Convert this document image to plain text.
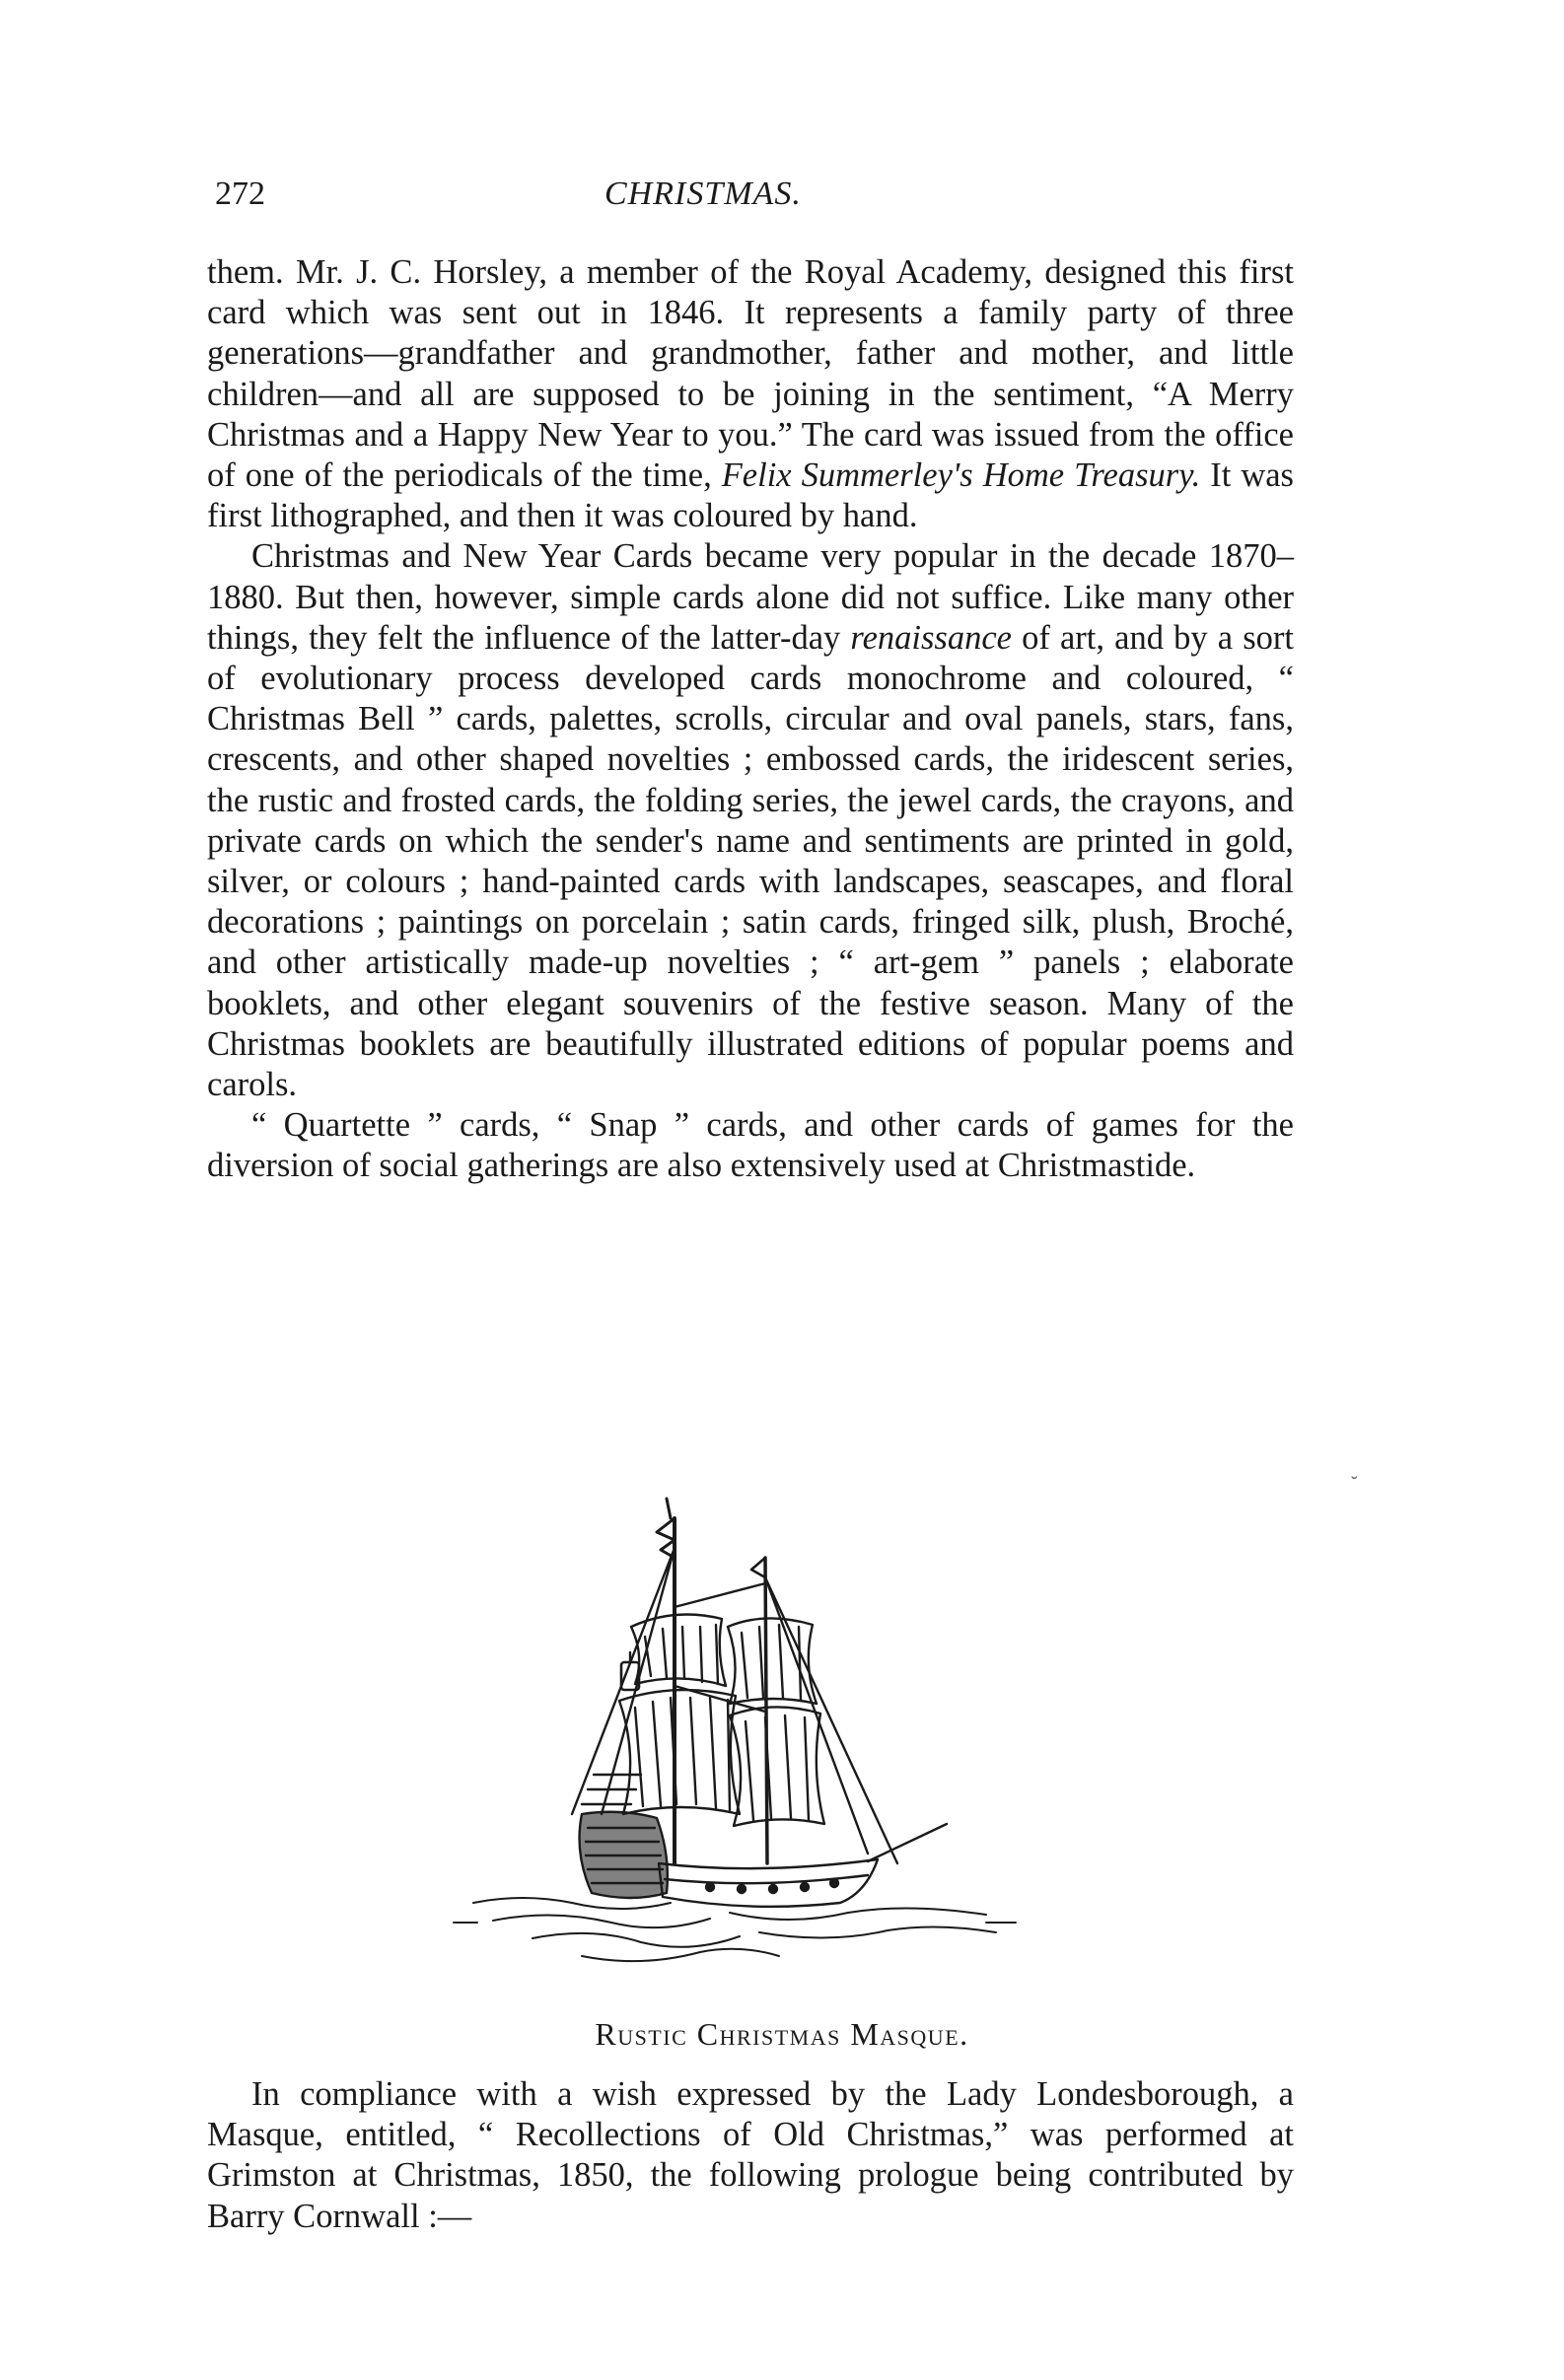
272	CHRISTMAS.

them. Mr. J. C. Horsley, a member of the Royal Academy, designed this first card which was sent out in 1846. It represents a family party of three generations—grandfather and grandmother, father and mother, and little children—and all are supposed to be joining in the sentiment, “A Merry Christmas and a Happy New Year to you.” The card was issued from the office of one of the periodicals of the time, Felix Summerley's Home Treasury. It was first lithographed, and then it was coloured by hand.

Christmas and New Year Cards became very popular in the decade 1870–1880. But then, however, simple cards alone did not suffice. Like many other things, they felt the influence of the latter-day renaissance of art, and by a sort of evolutionary process developed cards monochrome and coloured, “ Christmas Bell ” cards, palettes, scrolls, circular and oval panels, stars, fans, crescents, and other shaped novelties ; embossed cards, the iridescent series, the rustic and frosted cards, the folding series, the jewel cards, the crayons, and private cards on which the sender's name and sentiments are printed in gold, silver, or colours ; hand-painted cards with landscapes, seascapes, and floral decorations ; paintings on porcelain ; satin cards, fringed silk, plush, Broché, and other artistically made-up novelties ; “ art-gem ” panels ; elaborate booklets, and other elegant souvenirs of the festive season. Many of the Christmas booklets are beautifully illustrated editions of popular poems and carols.

“ Quartette ” cards, “ Snap ” cards, and other cards of games for the diversion of social gatherings are also extensively used at Christmastide.

˘
Rustic Christmas Masque.

In compliance with a wish expressed by the Lady Londesborough, a Masque, entitled, “ Recollections of Old Christmas,” was performed at Grimston at Christmas, 1850, the following prologue being contributed by Barry Cornwall :—
